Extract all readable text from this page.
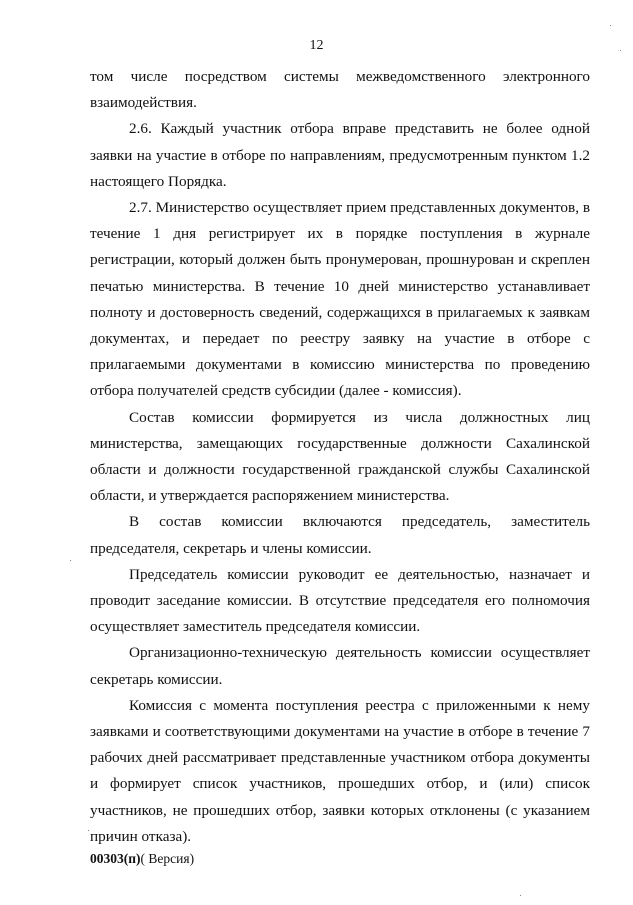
12

том числе посредством системы межведомственного электронного взаимодействия.

2.6. Каждый участник отбора вправе представить не более одной заявки на участие в отборе по направлениям, предусмотренным пунктом 1.2 настоящего Порядка.

2.7. Министерство осуществляет прием представленных документов, в течение 1 дня регистрирует их в порядке поступления в журнале регистрации, который должен быть пронумерован, прошнурован и скреплен печатью министерства. В течение 10 дней министерство устанавливает полноту и достоверность сведений, содержащихся в прилагаемых к заявкам документах, и передает по реестру заявку на участие в отборе с прилагаемыми документами в комиссию министерства по проведению отбора получателей средств субсидии (далее - комиссия).

Состав комиссии формируется из числа должностных лиц министерства, замещающих государственные должности Сахалинской области и должности государственной гражданской службы Сахалинской области, и утверждается распоряжением министерства.

В состав комиссии включаются председатель, заместитель председателя, секретарь и члены комиссии.

Председатель комиссии руководит ее деятельностью, назначает и проводит заседание комиссии. В отсутствие председателя его полномочия осуществляет заместитель председателя комиссии.

Организационно-техническую деятельность комиссии осуществляет секретарь комиссии.

Комиссия с момента поступления реестра с приложенными к нему заявками и соответствующими документами на участие в отборе в течение 7 рабочих дней рассматривает представленные участником отбора документы и формирует список участников, прошедших отбор, и (или) список участников, не прошедших отбор, заявки которых отклонены (с указанием причин отказа).

00303(п)( Версия)
